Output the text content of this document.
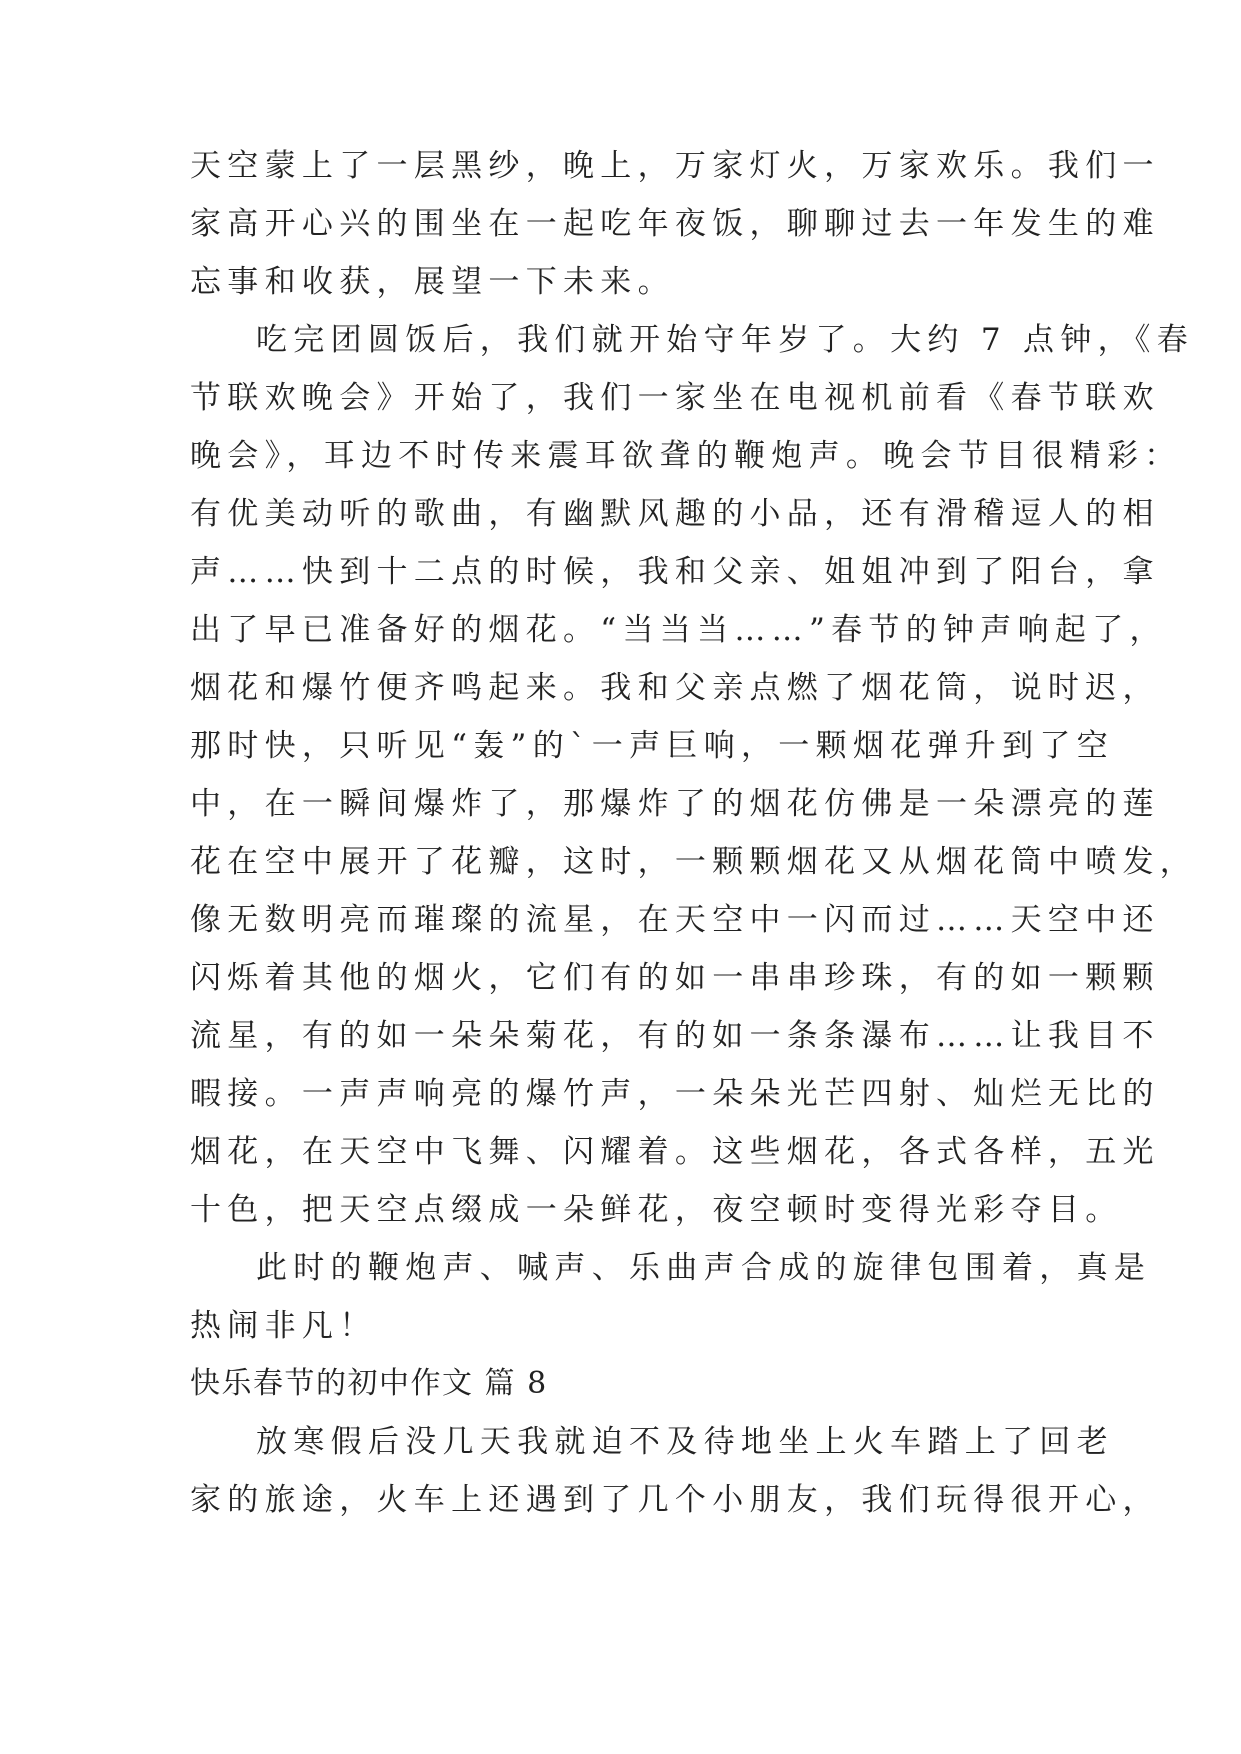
天空蒙上了一层黑纱，晚上，万家灯火，万家欢乐。我们一
家高开心兴的围坐在一起吃年夜饭，聊聊过去一年发生的难
忘事和收获，展望一下未来。
吃完团圆饭后，我们就开始守年岁了。大约 7 点钟，《春
节联欢晚会》开始了，我们一家坐在电视机前看《春节联欢
晚会》，耳边不时传来震耳欲聋的鞭炮声。晚会节目很精彩：
有优美动听的歌曲，有幽默风趣的小品，还有滑稽逗人的相
声……快到十二点的时候，我和父亲、姐姐冲到了阳台，拿
出了早已准备好的烟花。“当当当……”春节的钟声响起了，
烟花和爆竹便齐鸣起来。我和父亲点燃了烟花筒，说时迟，
那时快，只听见“轰”的`一声巨响，一颗烟花弹升到了空
中，在一瞬间爆炸了，那爆炸了的烟花仿佛是一朵漂亮的莲
花在空中展开了花瓣，这时，一颗颗烟花又从烟花筒中喷发，
像无数明亮而璀璨的流星，在天空中一闪而过……天空中还
闪烁着其他的烟火，它们有的如一串串珍珠，有的如一颗颗
流星，有的如一朵朵菊花，有的如一条条瀑布……让我目不
暇接。一声声响亮的爆竹声，一朵朵光芒四射、灿烂无比的
烟花，在天空中飞舞、闪耀着。这些烟花，各式各样，五光
十色，把天空点缀成一朵鲜花，夜空顿时变得光彩夺目。
此时的鞭炮声、喊声、乐曲声合成的旋律包围着，真是
热闹非凡！
快乐春节的初中作文 篇 8
放寒假后没几天我就迫不及待地坐上火车踏上了回老
家的旅途，火车上还遇到了几个小朋友，我们玩得很开心，
